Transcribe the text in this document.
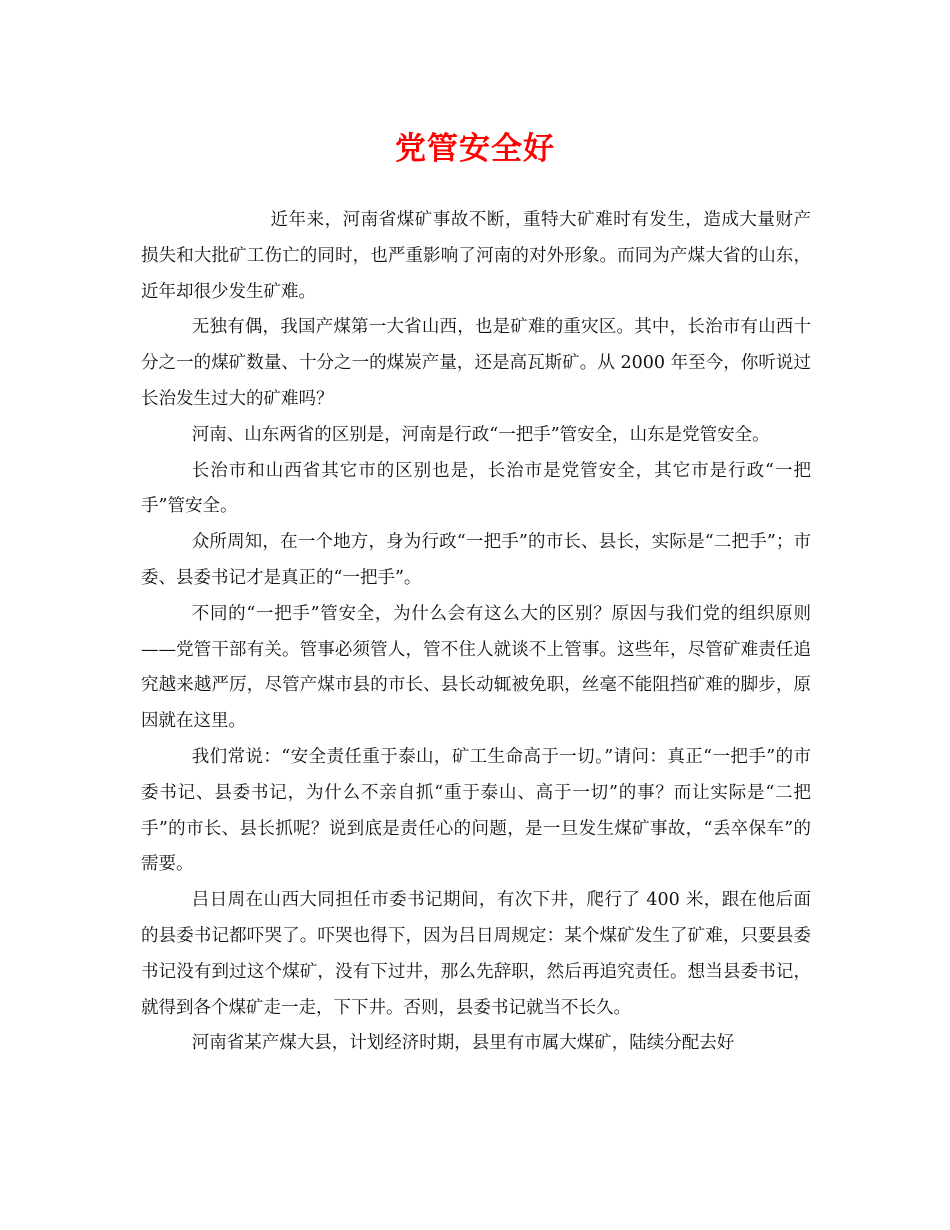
党管安全好

近年来，河南省煤矿事故不断，重特大矿难时有发生，造成大量财产损失和大批矿工伤亡的同时，也严重影响了河南的对外形象。而同为产煤大省的山东，近年却很少发生矿难。

无独有偶，我国产煤第一大省山西，也是矿难的重灾区。其中，长治市有山西十分之一的煤矿数量、十分之一的煤炭产量，还是高瓦斯矿。从 2000 年至今，你听说过长治发生过大的矿难吗？

河南、山东两省的区别是，河南是行政“一把手”管安全，山东是党管安全。

长治市和山西省其它市的区别也是，长治市是党管安全，其它市是行政“一把手”管安全。

众所周知，在一个地方，身为行政“一把手”的市长、县长，实际是“二把手”；市委、县委书记才是真正的“一把手”。

不同的“一把手”管安全，为什么会有这么大的区别？原因与我们党的组织原则——党管干部有关。管事必须管人，管不住人就谈不上管事。这些年，尽管矿难责任追究越来越严厉，尽管产煤市县的市长、县长动辄被免职，丝毫不能阻挡矿难的脚步，原因就在这里。

我们常说：“安全责任重于泰山，矿工生命高于一切。”请问：真正“一把手”的市委书记、县委书记，为什么不亲自抓“重于泰山、高于一切”的事？而让实际是“二把手”的市长、县长抓呢？说到底是责任心的问题，是一旦发生煤矿事故，“丢卒保车”的需要。

吕日周在山西大同担任市委书记期间，有次下井，爬行了 400 米，跟在他后面的县委书记都吓哭了。吓哭也得下，因为吕日周规定：某个煤矿发生了矿难，只要县委书记没有到过这个煤矿，没有下过井，那么先辞职，然后再追究责任。想当县委书记，就得到各个煤矿走一走，下下井。否则，县委书记就当不长久。

河南省某产煤大县，计划经济时期，县里有市属大煤矿，陆续分配去好
